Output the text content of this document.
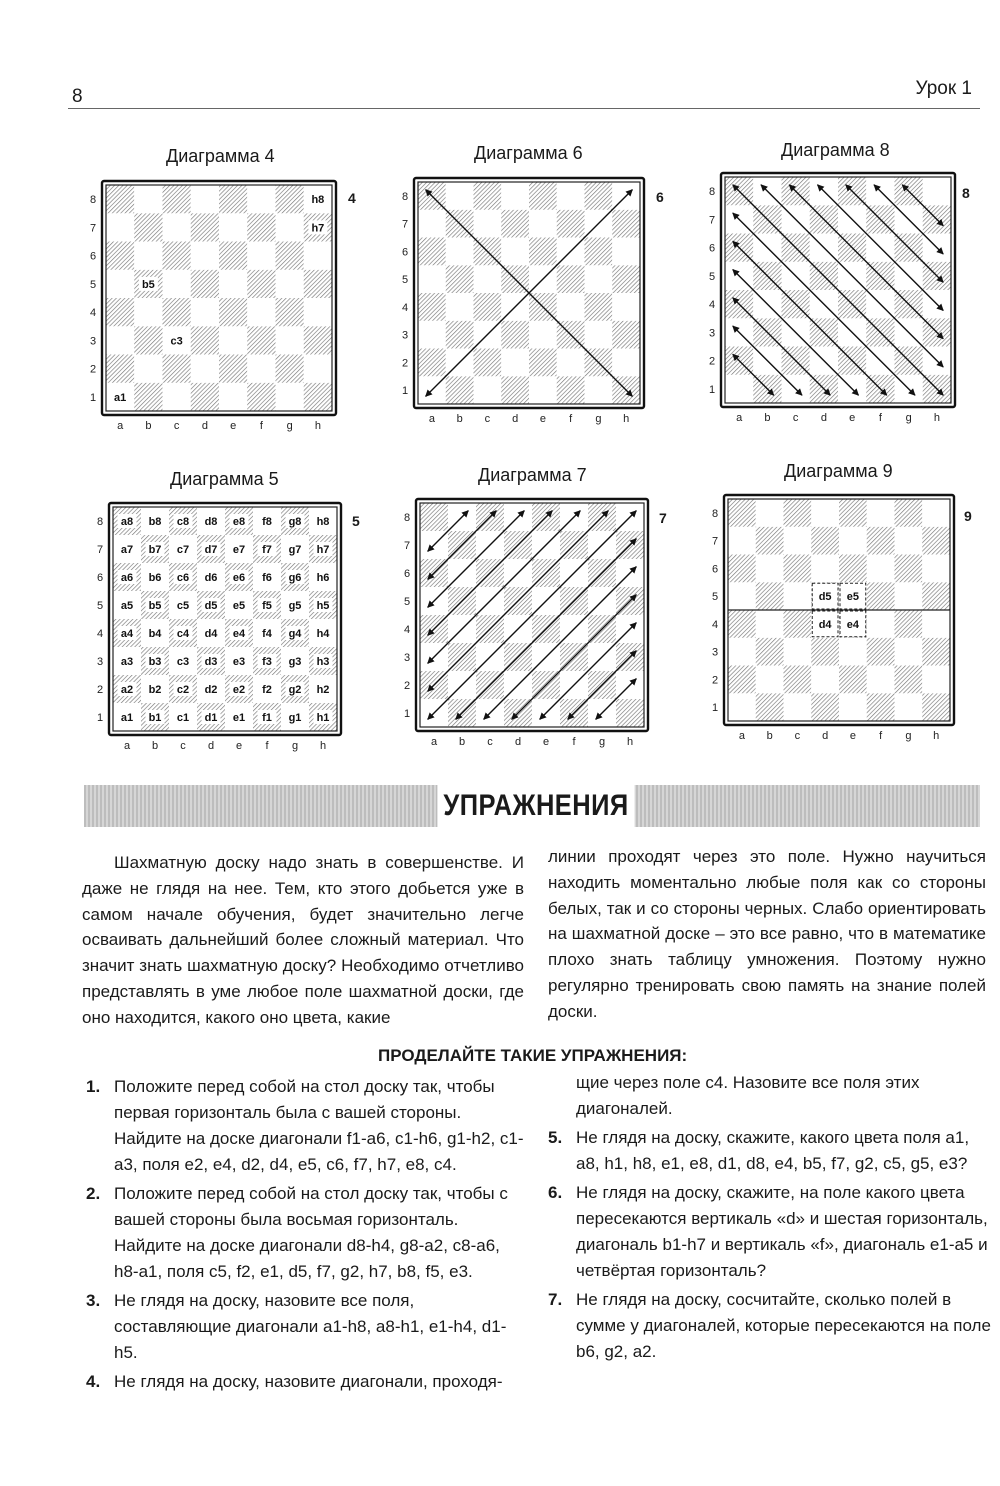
8	Урок 1
УПРАЖНЕНИЯ

Шахматную доску надо знать в совершенстве. И даже не глядя на нее. Тем, кто этого добьется уже в самом начале обучения, будет значительно легче осваивать дальнейший более сложный материал. Что значит знать шахматную доску? Необходимо отчетливо представлять в уме любое поле шахматной доски, где оно находится, какого оно цвета, какие

линии проходят через это поле. Нужно научиться находить моментально любые поля как со стороны белых, так и со стороны черных. Слабо ориентировать на шахматной доске – это все равно, что в математике плохо знать таблицу умножения. Поэтому нужно регулярно тренировать свою память на знание полей доски.

ПРОДЕЛАЙТЕ ТАКИЕ УПРАЖНЕНИЯ:
1. Положите перед собой на стол доску так, чтобы первая горизонталь была с вашей стороны. Найдите на доске диагонали f1-a6, c1-h6, g1-h2, c1-a3, поля e2, e4, d2, d4, e5, c6, f7, h7, e8, c4.
2. Положите перед собой на стол доску так, чтобы с вашей стороны была восьмая горизонталь. Найдите на доске диагонали d8-h4, g8-a2, c8-a6, h8-a1, поля c5, f2, e1, d5, f7, g2, h7, b8, f5, e3.
3. Не глядя на доску, назовите все поля, составляющие диагонали a1-h8, a8-h1, e1-h4, d1-h5.
4. Не глядя на доску, назовите диагонали, проходя-
щие через поле c4. Назовите все поля этих диагоналей.
5. Не глядя на доску, скажите, какого цвета поля a1, a8, h1, h8, e1, e8, d1, d8, e4, b5, f7, g2, c5, g5, e3?
6. Не глядя на доску, скажите, на поле какого цвета пересекаются вертикаль «d» и шестая горизонталь, диагональ b1-h7 и вертикаль «f», диагональ e1-a5 и четвёртая горизонталь?
7. Не глядя на доску, сосчитайте, сколько полей в сумме у диагоналей, которые пересекаются на поле b6, g2, a2.
Диаграмма 4
4
1
2
3
4
5
6
7
8
a b c d e f g h
a1
c3
b5
h7
h8
Диаграмма 6
6
1
2
3
4
5
6
7
8
a b c d e f g h
Диаграмма 8
8
1
2
3
4
5
6
7
8
a b c d e f g h
Диаграмма 5
5
1
2
3
4
5
6
7
8
a b c d e f g h
a1 b1 c1 d1 e1 f1 g1 h1
a2 b2 c2 d2 e2 f2 g2 h2
a3 b3 c3 d3 e3 f3 g3 h3
a4 b4 c4 d4 e4 f4 g4 h4
a5 b5 c5 d5 e5 f5 g5 h5
a6 b6 c6 d6 e6 f6 g6 h6
a7 b7 c7 d7 e7 f7 g7 h7
a8 b8 c8 d8 e8 f8 g8 h8
Диаграмма 7
7
1
2
3
4
5
6
7
8
a b c d e f g h
Диаграмма 9
9
1
2
3
4
5
6
7
8
a b c d e f g h
d5 e5
d4 e4
